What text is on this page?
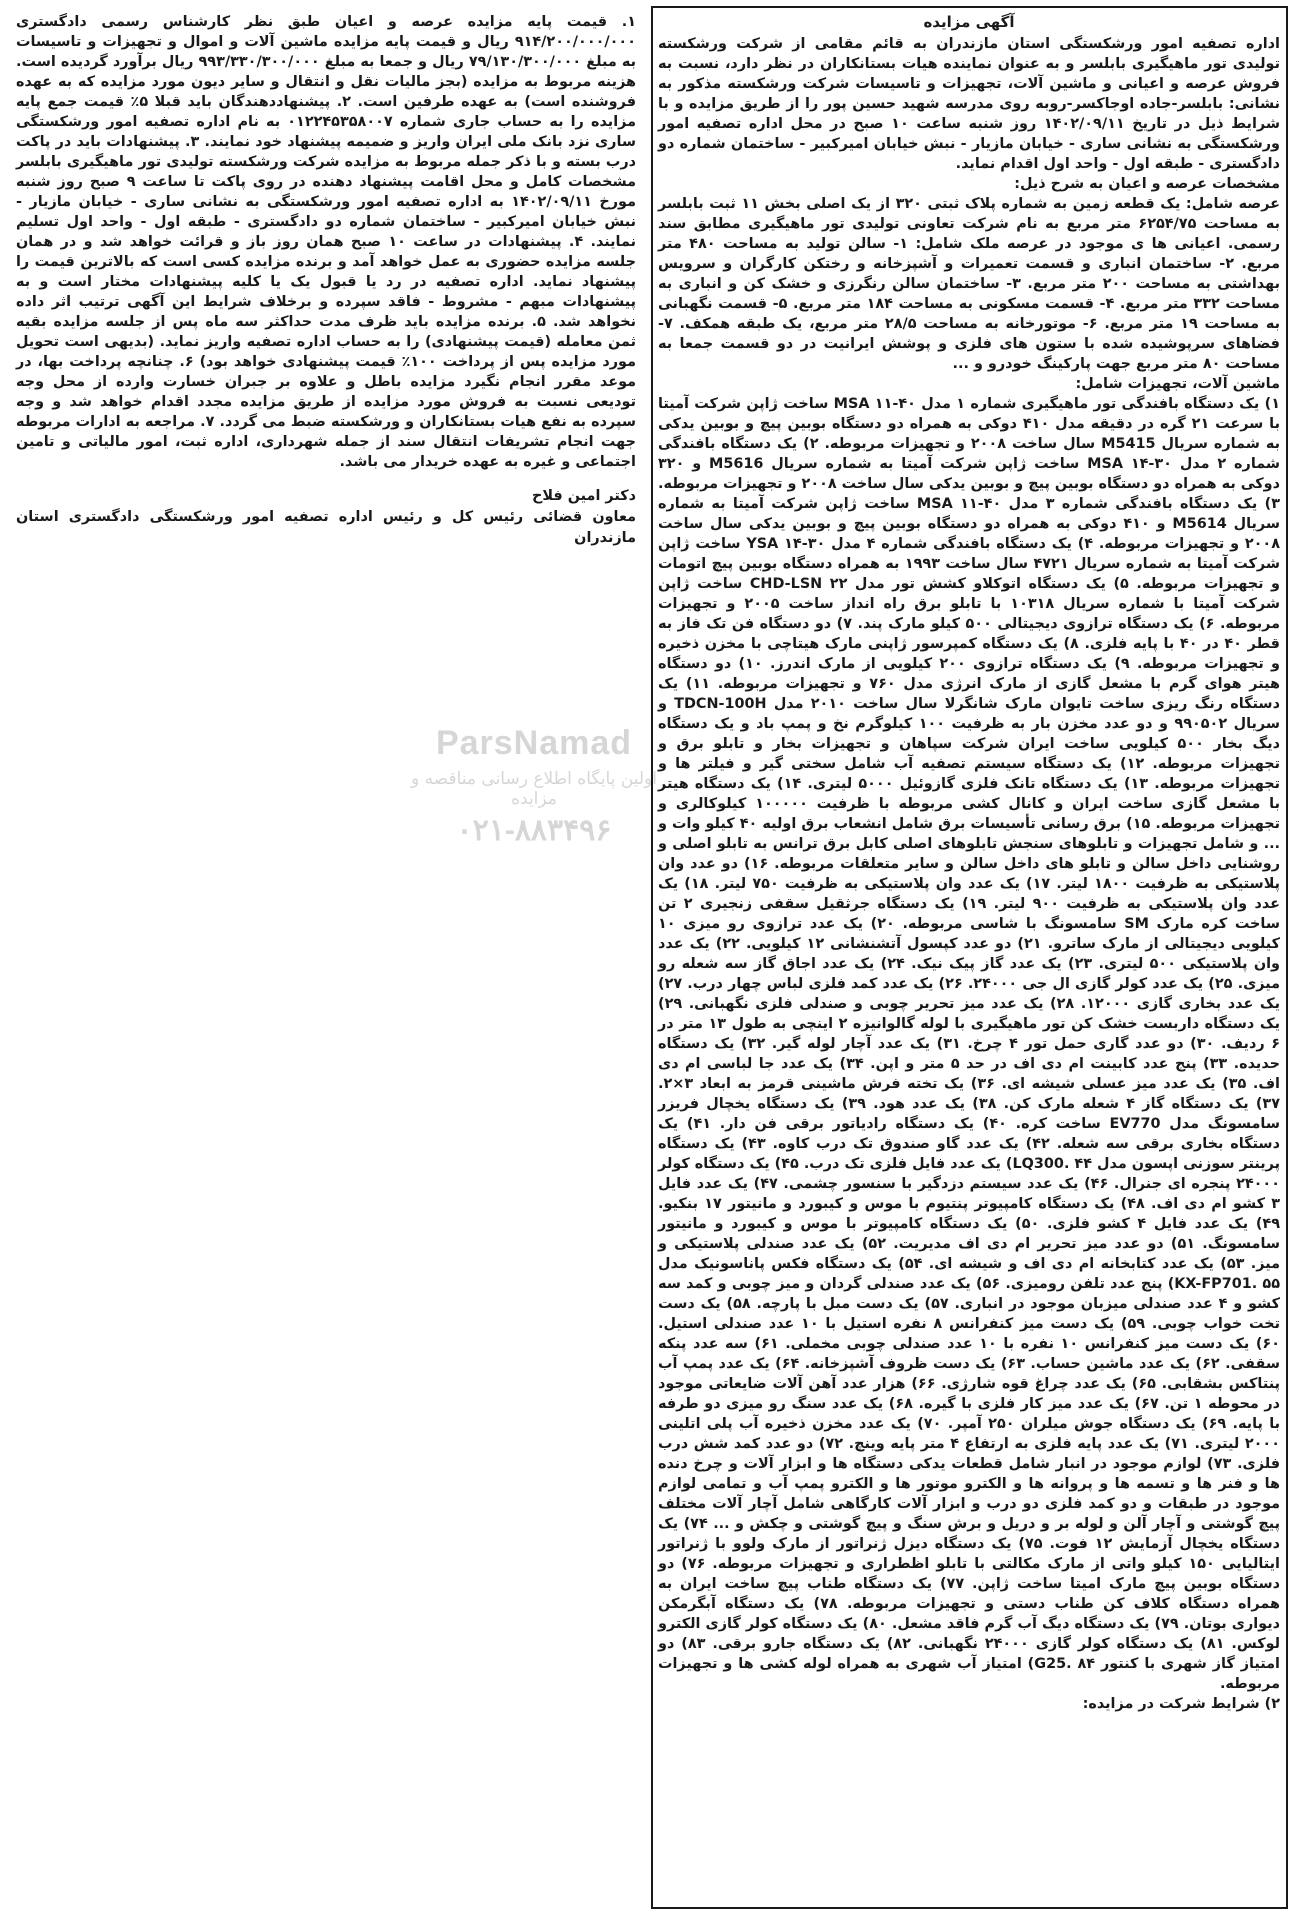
آگهی مزایده

اداره تصفیه امور ورشکستگی استان مازندران به قائم مقامی از شرکت ورشکسته تولیدی تور ماهیگیری بابلسر و به عنوان نماینده هیات بستانکاران در نظر دارد، نسبت به فروش عرصه و اعیانی و ماشین آلات، تجهیزات و تاسیسات شرکت ورشکسته مذکور به نشانی: بابلسر-جاده اوجاکسر-روبه روی مدرسه شهید حسین پور را از طریق مزایده و با شرایط ذیل در تاریخ ۱۴۰۲/۰۹/۱۱ روز شنبه ساعت ۱۰ صبح در محل اداره تصفیه امور ورشکستگی به نشانی ساری - خیابان مازیار - نبش خیابان امیرکبیر - ساختمان شماره دو دادگستری - طبقه اول - واحد اول اقدام نماید.

مشخصات عرصه و اعیان به شرح ذیل:

عرصه شامل: یک قطعه زمین به شماره پلاک ثبتی ۳۲۰ از یک اصلی بخش ۱۱ ثبت بابلسر به مساحت ۶۲۵۴/۷۵ متر مربع به نام شرکت تعاونی تولیدی تور ماهیگیری مطابق سند رسمی. اعیانی ها ی موجود در عرصه ملک شامل: ۱- سالن تولید به مساحت ۴۸۰ متر مربع. ۲- ساختمان انباری و قسمت تعمیرات و آشپزخانه و رختکن کارگران و سرویس بهداشتی به مساحت ۲۰۰ متر مربع. ۳- ساختمان سالن رنگرزی و خشک کن و انباری به مساحت ۳۳۲ متر مربع. ۴- قسمت مسکونی به مساحت ۱۸۴ متر مربع. ۵- قسمت نگهبانی به مساحت ۱۹ متر مربع. ۶- موتورخانه به مساحت ۲۸/۵ متر مربع، یک طبقه همکف. ۷- فضاهای سرپوشیده شده با ستون های فلزی و پوشش ایرانیت در دو قسمت جمعا به مساحت ۸۰ متر مربع جهت پارکینگ خودرو و ...

ماشین آلات، تجهیزات شامل:

۱) یک دستگاه بافندگی تور ماهیگیری شماره ۱ مدل ۴۰-۱۱ MSA ساخت ژاپن شرکت آمیتا با سرعت ۲۱ گره در دقیقه مدل ۴۱۰ دوکی به همراه دو دستگاه بوبین پیچ و بوبین یدکی به شماره سریال M5415 سال ساخت ۲۰۰۸ و تجهیزات مربوطه. ۲) یک دستگاه بافندگی شماره ۲ مدل ۳۰-۱۴ MSA ساخت ژاپن شرکت آمیتا به شماره سریال M5616 و ۳۲۰ دوکی به همراه دو دستگاه بوبین پیچ و بوبین یدکی سال ساخت ۲۰۰۸ و تجهیزات مربوطه. ۳) یک دستگاه بافندگی شماره ۳ مدل ۴۰-۱۱ MSA ساخت ژاپن شرکت آمیتا به شماره سریال M5614 و ۴۱۰ دوکی به همراه دو دستگاه بوبین پیچ و بوبین یدکی سال ساخت ۲۰۰۸ و تجهیزات مربوطه. ۴) یک دستگاه بافندگی شماره ۴ مدل ۳۰-۱۴ YSA ساخت ژاپن شرکت آمیتا به شماره سریال ۴۷۲۱ سال ساخت ۱۹۹۳ به همراه دستگاه بوبین پیچ اتومات و تجهیزات مربوطه. ۵) یک دستگاه اتوکلاو کشش تور مدل CHD-LSN ۲۲ ساخت ژاپن شرکت آمیتا با شماره سریال ۱۰۳۱۸ با تابلو برق راه انداز ساخت ۲۰۰۵ و تجهیزات مربوطه. ۶) یک دستگاه ترازوی دیجیتالی ۵۰۰ کیلو مارک پند. ۷) دو دستگاه فن تک فاز به قطر ۴۰ در ۴۰ با پایه فلزی. ۸) یک دستگاه کمپرسور ژاپنی مارک هیتاچی با مخزن ذخیره و تجهیزات مربوطه. ۹) یک دستگاه ترازوی ۲۰۰ کیلویی از مارک اندرز. ۱۰) دو دستگاه هیتر هوای گرم با مشعل گازی از مارک انرژی مدل ۷۶۰ و تجهیزات مربوطه. ۱۱) یک دستگاه رنگ ریزی ساخت تایوان مارک شانگرلا سال ساخت ۲۰۱۰ مدل TDCN-100H و سریال ۹۹۰۵۰۲ و دو عدد مخزن بار به ظرفیت ۱۰۰ کیلوگرم نخ و پمپ باد و یک دستگاه دیگ بخار ۵۰۰ کیلویی ساخت ایران شرکت سپاهان و تجهیزات بخار و تابلو برق و تجهیزات مربوطه. ۱۲) یک دستگاه سیستم تصفیه آب شامل سختی گیر و فیلتر ها و تجهیزات مربوطه. ۱۳) یک دستگاه تانک فلزی گازوئیل ۵۰۰۰ لیتری. ۱۴) یک دستگاه هیتر با مشعل گازی ساخت ایران و کانال کشی مربوطه با ظرفیت ۱۰۰۰۰۰ کیلوکالری و تجهیزات مربوطه. ۱۵) برق رسانی تأسیسات برق شامل انشعاب برق اولیه ۴۰ کیلو وات و ... و شامل تجهیزات و تابلوهای سنجش تابلوهای اصلی کابل برق ترانس به تابلو اصلی و روشنایی داخل سالن و تابلو های داخل سالن و سایر متعلقات مربوطه. ۱۶) دو عدد وان پلاستیکی به ظرفیت ۱۸۰۰ لیتر. ۱۷) یک عدد وان پلاستیکی به ظرفیت ۷۵۰ لیتر. ۱۸) یک عدد وان پلاستیکی به ظرفیت ۹۰۰ لیتر. ۱۹) یک دستگاه جرثقیل سقفی زنجیری ۲ تن ساخت کره مارک SM سامسونگ با شاسی مربوطه. ۲۰) یک عدد ترازوی رو میزی ۱۰ کیلویی دیجیتالی از مارک ساترو. ۲۱) دو عدد کپسول آتشنشانی ۱۲ کیلویی. ۲۲) یک عدد وان پلاستیکی ۵۰۰ لیتری. ۲۳) یک عدد گاز پیک نیک. ۲۴) یک عدد اجاق گاز سه شعله رو میزی. ۲۵) یک عدد کولر گازی ال جی ۲۴۰۰۰. ۲۶) یک عدد کمد فلزی لباس چهار درب. ۲۷) یک عدد بخاری گازی ۱۲۰۰۰. ۲۸) یک عدد میز تحریر چوبی و صندلی فلزی نگهبانی. ۲۹) یک دستگاه داربست خشک کن تور ماهیگیری با لوله گالوانیزه ۲ اینچی به طول ۱۳ متر در ۶ ردیف. ۳۰) دو عدد گاری حمل تور ۴ چرخ. ۳۱) یک عدد آچار لوله گیر. ۳۲) یک دستگاه حدیده. ۳۳) پنج عدد کابینت ام دی اف در حد ۵ متر و اپن. ۳۴) یک عدد جا لباسی ام دی اف. ۳۵) یک عدد میز عسلی شیشه ای. ۳۶) یک تخته فرش ماشینی قرمز به ابعاد ۳×۲. ۳۷) یک دستگاه گاز ۴ شعله مارک کن. ۳۸) یک عدد هود. ۳۹) یک دستگاه یخچال فریزر سامسونگ مدل EV770 ساخت کره. ۴۰) یک دستگاه رادیاتور برقی فن دار. ۴۱) یک دستگاه بخاری برقی سه شعله. ۴۲) یک عدد گاو صندوق تک درب کاوه. ۴۳) یک دستگاه پرینتر سوزنی اپسون مدل LQ300. ۴۴) یک عدد فایل فلزی تک درب. ۴۵) یک دستگاه کولر ۲۴۰۰۰ پنجره ای جنرال. ۴۶) یک عدد سیستم دزدگیر با سنسور چشمی. ۴۷) یک عدد فایل ۳ کشو ام دی اف. ۴۸) یک دستگاه کامپیوتر پنتیوم با موس و کیبورد و مانیتور ۱۷ بنکیو. ۴۹) یک عدد فایل ۴ کشو فلزی. ۵۰) یک دستگاه کامپیوتر با موس و کیبورد و مانیتور سامسونگ. ۵۱) دو عدد میز تحریر ام دی اف مدیریت. ۵۲) یک عدد صندلی پلاستیکی و میز. ۵۳) یک عدد کتابخانه ام دی اف و شیشه ای. ۵۴) یک دستگاه فکس پاناسونیک مدل KX-FP701. ۵۵) پنج عدد تلفن رومیزی. ۵۶) یک عدد صندلی گردان و میز چوبی و کمد سه کشو و ۴ عدد صندلی میزبان موجود در انباری. ۵۷) یک دست مبل با پارچه. ۵۸) یک دست تخت خواب چوبی. ۵۹) یک دست میز کنفرانس ۸ نفره استیل با ۱۰ عدد صندلی استیل. ۶۰) یک دست میز کنفرانس ۱۰ نفره با ۱۰ عدد صندلی چوبی مخملی. ۶۱) سه عدد پنکه سقفی. ۶۲) یک عدد ماشین حساب. ۶۳) یک دست ظروف آشپزخانه. ۶۴) یک عدد پمپ آب پنتاکس بشقابی. ۶۵) یک عدد چراغ قوه شارژی. ۶۶) هزار عدد آهن آلات ضایعاتی موجود در محوطه ۱ تن. ۶۷) یک عدد میز کار فلزی با گیره. ۶۸) یک عدد سنگ رو میزی دو طرفه با پایه. ۶۹) یک دستگاه جوش میلران ۲۵۰ آمپر. ۷۰) یک عدد مخزن ذخیره آب پلی اتلینی ۲۰۰۰ لیتری. ۷۱) یک عدد پایه فلزی به ارتفاع ۴ متر پایه وینچ. ۷۲) دو عدد کمد شش درب فلزی. ۷۳) لوازم موجود در انبار شامل قطعات یدکی دستگاه ها و ابزار آلات و چرخ دنده ها و فنر ها و تسمه ها و پروانه ها و الکترو موتور ها و الکترو پمپ آب و تمامی لوازم موجود در طبقات و دو کمد فلزی دو درب و ابزار آلات کارگاهی شامل آچار آلات مختلف پیچ گوشتی و آچار آلن و لوله بر و دریل و برش سنگ و پیچ گوشتی و چکش و ... ۷۴) یک دستگاه یخچال آزمایش ۱۲ فوت. ۷۵) یک دستگاه دیزل ژنراتور از مارک ولوو با ژنراتور ایتالیایی ۱۵۰ کیلو واتی از مارک مکالتی با تابلو اظطراری و تجهیزات مربوطه. ۷۶) دو دستگاه بوبین پیچ مارک امیتا ساخت ژاپن. ۷۷) یک دستگاه طناب پیچ ساخت ایران به همراه دستگاه کلاف کن طناب دستی و تجهیزات مربوطه. ۷۸) یک دستگاه آبگرمکن دیواری بوتان. ۷۹) یک دستگاه دیگ آب گرم فاقد مشعل. ۸۰) یک دستگاه کولر گازی الکترو لوکس. ۸۱) یک دستگاه کولر گازی ۲۴۰۰۰ نگهبانی. ۸۲) یک دستگاه جارو برقی. ۸۳) دو امتیاز گاز شهری با کنتور G25. ۸۴) امتیاز آب شهری به همراه لوله کشی ها و تجهیزات مربوطه.

۲) شرایط شرکت در مزایده:

۱. قیمت پایه مزایده عرصه و اعیان طبق نظر کارشناس رسمی دادگستری ۹۱۴/۲۰۰/۰۰۰/۰۰۰ ریال و قیمت پایه مزایده ماشین آلات و اموال و تجهیزات و تاسیسات به مبلغ ۷۹/۱۳۰/۳۰۰/۰۰۰ ریال و جمعا به مبلغ ۹۹۳/۳۳۰/۳۰۰/۰۰۰ ریال برآورد گردیده است. هزینه مربوط به مزایده (بجز مالیات نقل و انتقال و سایر دیون مورد مزایده که به عهده فروشنده است) به عهده طرفین است. ۲. پیشنهاددهندگان باید قبلا ۵٪ قیمت جمع پایه مزایده را به حساب جاری شماره ۰۱۲۲۴۵۳۵۸۰۰۷ به نام اداره تصفیه امور ورشکستگی ساری نزد بانک ملی ایران واریز و ضمیمه پیشنهاد خود نمایند. ۳. پیشنهادات باید در پاکت درب بسته و با ذکر جمله مربوط به مزایده شرکت ورشکسته تولیدی تور ماهیگیری بابلسر مشخصات کامل و محل اقامت پیشنهاد دهنده در روی پاکت تا ساعت ۹ صبح روز شنبه مورخ ۱۴۰۲/۰۹/۱۱ به اداره تصفیه امور ورشکستگی به نشانی ساری - خیابان مازیار - نبش خیابان امیرکبیر - ساختمان شماره دو دادگستری - طبقه اول - واحد اول تسلیم نمایند. ۴. پیشنهادات در ساعت ۱۰ صبح همان روز باز و قرائت خواهد شد و در همان جلسه مزایده حضوری به عمل خواهد آمد و برنده مزایده کسی است که بالاترین قیمت را پیشنهاد نماید. اداره تصفیه در رد یا قبول یک یا کلیه پیشنهادات مختار است و به پیشنهادات مبهم - مشروط - فاقد سپرده و برخلاف شرایط این آگهی ترتیب اثر داده نخواهد شد. ۵. برنده مزایده باید ظرف مدت حداکثر سه ماه پس از جلسه مزایده بقیه ثمن معامله (قیمت پیشنهادی) را به حساب اداره تصفیه واریز نماید. (بدیهی است تحویل مورد مزایده پس از پرداخت ۱۰۰٪ قیمت پیشنهادی خواهد بود) ۶. چنانچه پرداخت بها، در موعد مقرر انجام نگیرد مزایده باطل و علاوه بر جبران خسارت وارده از محل وجه تودیعی نسبت به فروش مورد مزایده از طریق مزایده مجدد اقدام خواهد شد و وجه سپرده به نفع هیات بستانکاران و ورشکسته ضبط می گردد. ۷. مراجعه به ادارات مربوطه جهت انجام تشریفات انتقال سند از جمله شهرداری، اداره ثبت، امور مالیاتی و تامین اجتماعی و غیره به عهده خریدار می باشد.

دکتر امین فلاح

معاون قضائی رئیس کل و رئیس اداره تصفیه امور ورشکستگی دادگستری استان مازندران

ParsNamad
اولین پایگاه اطلاع رسانی مناقصه و مزایده
۰۲۱-۸۸۳۴۹۶
